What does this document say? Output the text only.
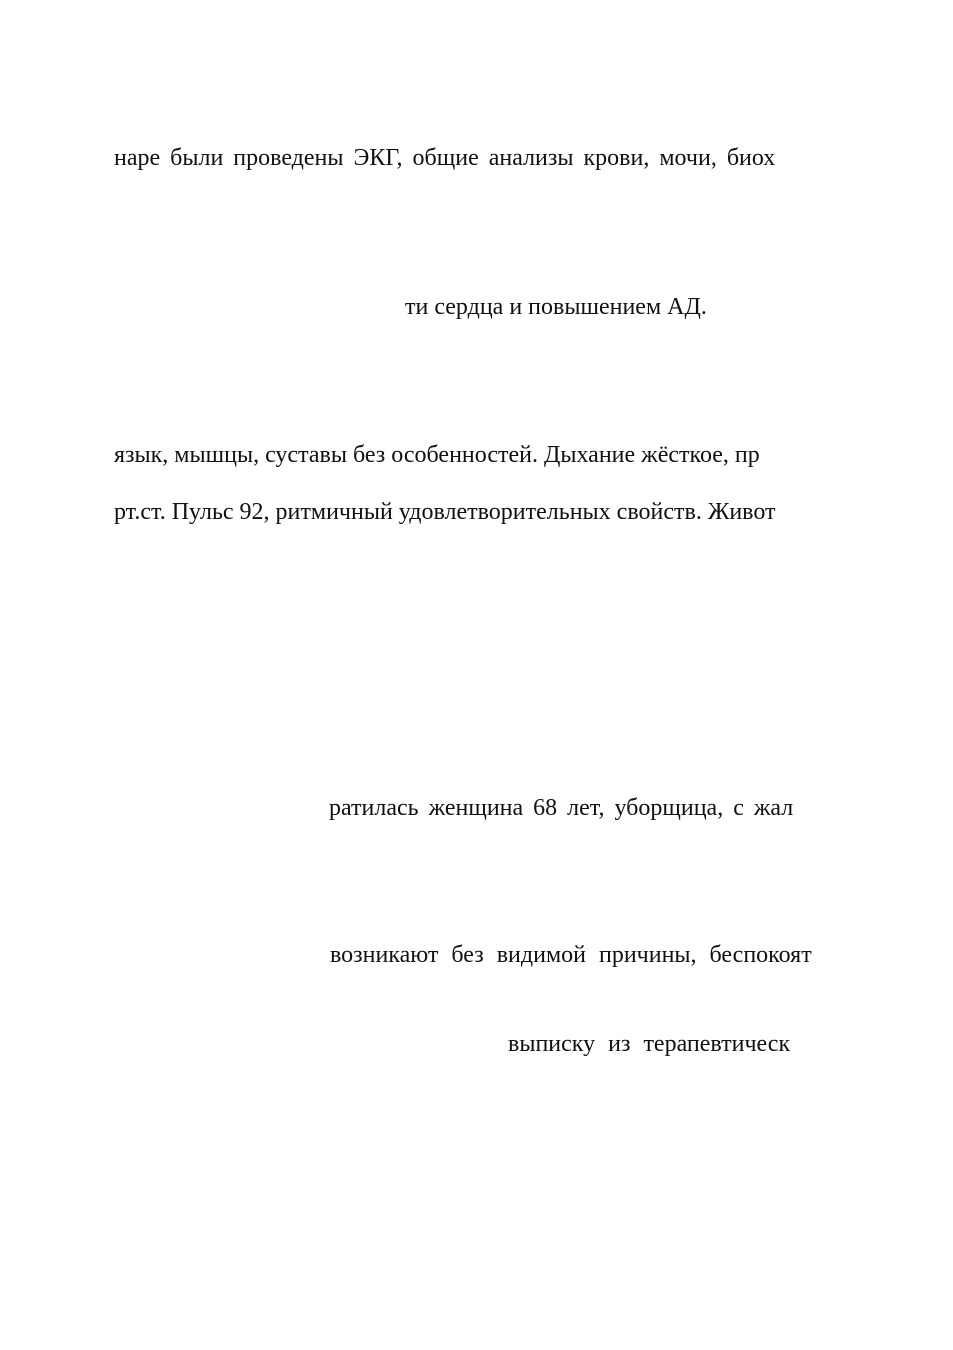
наре были проведены ЭКГ, общие анализы крови, мочи, биох
ти сердца и повышением АД.
язык, мышцы, суставы без особенностей. Дыхание жёсткое, пр
рт.ст. Пульс 92, ритмичный удовлетворительных свойств. Живот
ратилась женщина 68 лет, уборщица, с жал
возникают без видимой причины, беспокоят
выписку из терапевтическ
